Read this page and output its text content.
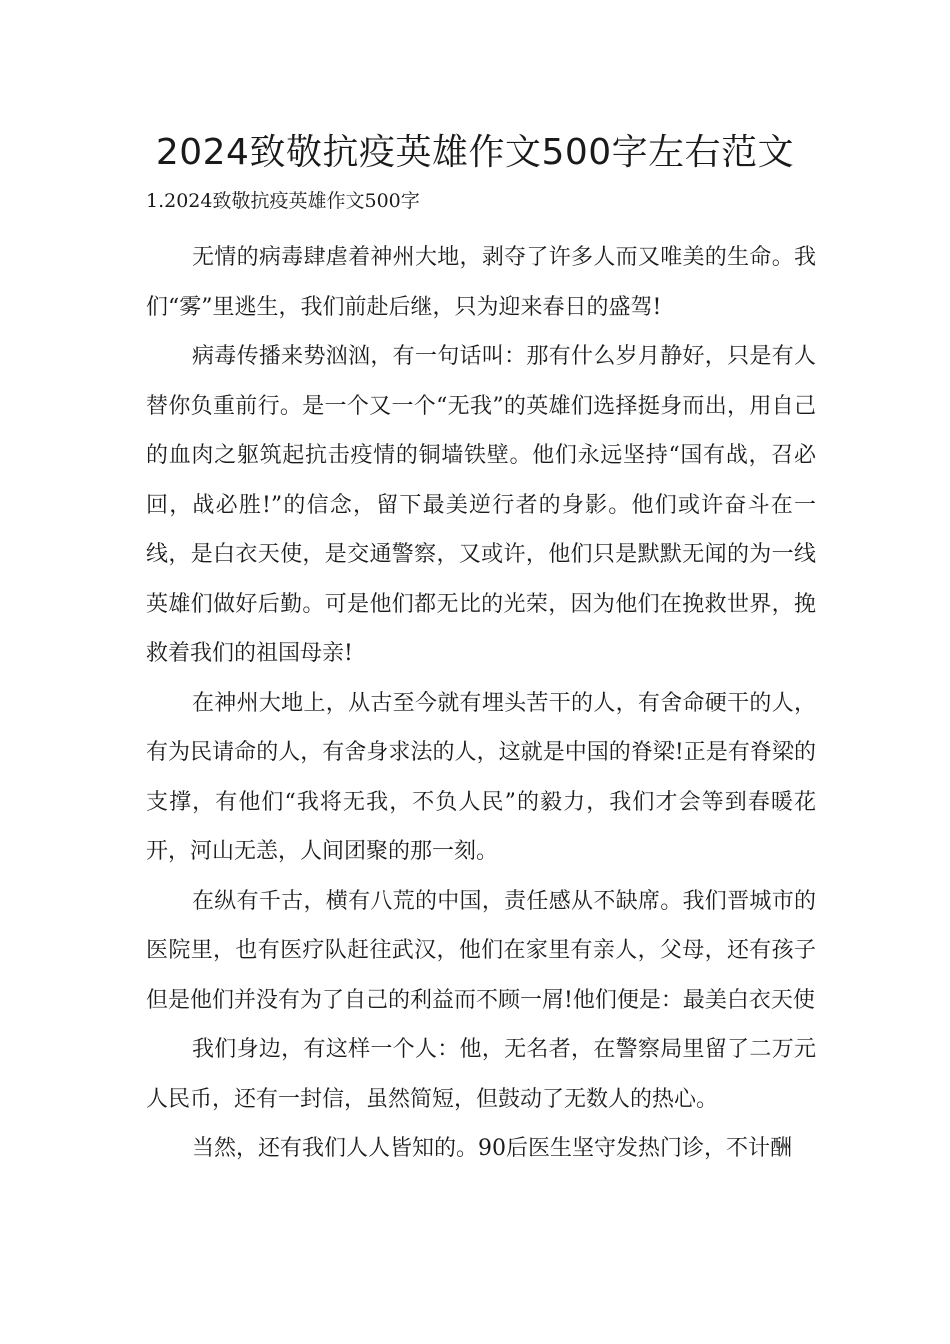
2024致敬抗疫英雄作文500字左右范文

1.2024致敬抗疫英雄作文500字

无情的病毒肆虐着神州大地，剥夺了许多人而又唯美的生命。我们“雾”里逃生，我们前赴后继，只为迎来春日的盛驾!

病毒传播来势汹汹，有一句话叫：那有什么岁月静好，只是有人替你负重前行。是一个又一个“无我”的英雄们选择挺身而出，用自己的血肉之躯筑起抗击疫情的铜墙铁壁。他们永远坚持“国有战，召必回，战必胜!”的信念，留下最美逆行者的身影。他们或许奋斗在一线，是白衣天使，是交通警察，又或许，他们只是默默无闻的为一线英雄们做好后勤。可是他们都无比的光荣，因为他们在挽救世界，挽救着我们的祖国母亲!

在神州大地上，从古至今就有埋头苦干的人，有舍命硬干的人，有为民请命的人，有舍身求法的人，这就是中国的脊梁!正是有脊梁的支撑，有他们“我将无我，不负人民”的毅力，我们才会等到春暖花开，河山无恙，人间团聚的那一刻。

在纵有千古，横有八荒的中国，责任感从不缺席。我们晋城市的医院里，也有医疗队赶往武汉，他们在家里有亲人，父母，还有孩子但是他们并没有为了自己的利益而不顾一屑!他们便是：最美白衣天使

我们身边，有这样一个人：他，无名者，在警察局里留了二万元人民币，还有一封信，虽然简短，但鼓动了无数人的热心。

当然，还有我们人人皆知的。90后医生坚守发热门诊，不计酬
